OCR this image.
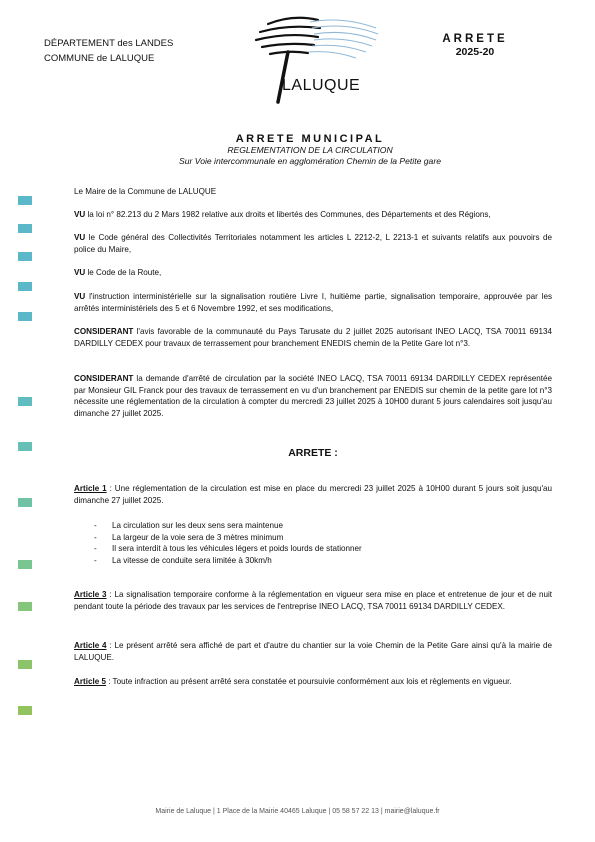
DÉPARTEMENT des LANDES
COMMUNE de LALUQUE
LALUQUE
ARRETE
2025-20
ARRETE MUNICIPAL
REGLEMENTATION DE LA CIRCULATION
Sur Voie intercommunale en agglomération Chemin de la Petite gare
Le Maire de la Commune de LALUQUE
VU la loi n° 82.213 du 2 Mars 1982 relative aux droits et libertés des Communes, des Départements et des Régions,
VU le Code général des Collectivités Territoriales notamment les articles L 2212-2, L 2213-1 et suivants relatifs aux pouvoirs de police du Maire,
VU le Code de la Route,
VU l'instruction interministérielle sur la signalisation routière Livre I, huitième partie, signalisation temporaire, approuvée par les arrêtés interministériels des 5 et 6 Novembre 1992, et ses modifications,
CONSIDERANT l'avis favorable de la communauté du Pays Tarusate du 2 juillet 2025 autorisant INEO LACQ, TSA 70011 69134 DARDILLY CEDEX pour travaux de terrassement pour branchement ENEDIS chemin de la Petite Gare lot n°3.
CONSIDERANT la demande d'arrêté de circulation par la société INEO LACQ, TSA 70011 69134 DARDILLY CEDEX représentée par Monsieur GIL Franck pour des travaux de terrassement en vu d'un branchement par ENEDIS sur chemin de la petite gare lot n°3 nécessite une réglementation de la circulation à compter du mercredi 23 juillet 2025 à 10H00 durant 5 jours calendaires soit jusqu'au dimanche 27 juillet 2025.
ARRETE :
Article 1 : Une réglementation de la circulation est mise en place du mercredi 23 juillet 2025 à 10H00 durant 5 jours soit jusqu'au dimanche 27 juillet 2025.
- La circulation sur les deux sens sera maintenue
- La largeur de la voie sera de 3 mètres minimum
- Il sera interdit à tous les véhicules légers et poids lourds de stationner
- La vitesse de conduite sera limitée à 30km/h
Article 3 : La signalisation temporaire conforme à la réglementation en vigueur sera mise en place et entretenue de jour et de nuit pendant toute la période des travaux par les services de l'entreprise INEO LACQ, TSA 70011 69134 DARDILLY CEDEX.
Article 4 : Le présent arrêté sera affiché de part et d'autre du chantier sur la voie Chemin de la Petite Gare ainsi qu'à la mairie de LALUQUE.
Article 5 : Toute infraction au présent arrêté sera constatée et poursuivie conformément aux lois et règlements en vigueur.
Mairie de Laluque | 1 Place de la Mairie 40465 Laluque | 05 58 57 22 13 | mairie@laluque.fr
